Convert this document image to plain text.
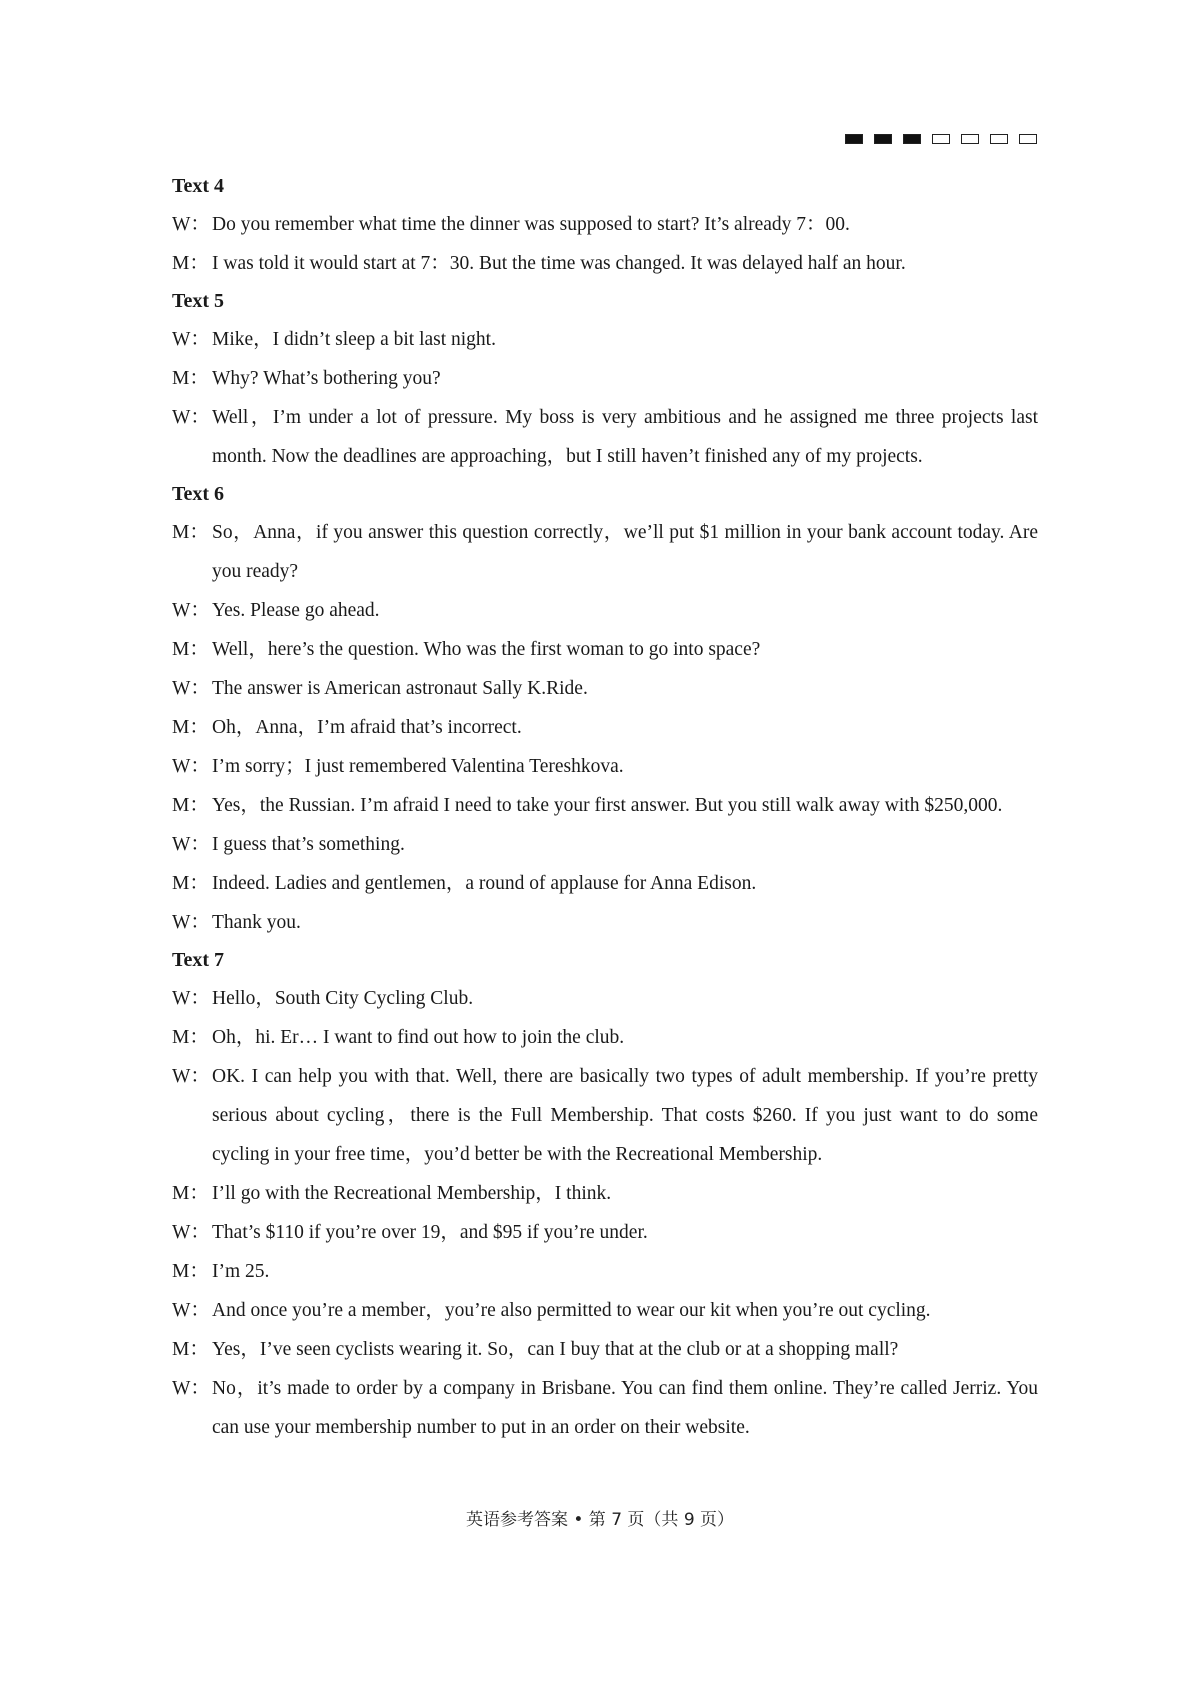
Text 4
W： Do you remember what time the dinner was supposed to start? It’s already 7：00.
M： I was told it would start at 7：30. But the time was changed. It was delayed half an hour.
Text 5
W： Mike，I didn’t sleep a bit last night.
M： Why? What’s bothering you?
W： Well，I’m under a lot of pressure. My boss is very ambitious and he assigned me three projects last month. Now the deadlines are approaching，but I still haven’t finished any of my projects.
Text 6
M： So，Anna，if you answer this question correctly，we’ll put $1 million in your bank account today. Are you ready?
W： Yes. Please go ahead.
M： Well，here’s the question. Who was the first woman to go into space?
W： The answer is American astronaut Sally K.Ride.
M： Oh，Anna，I’m afraid that’s incorrect.
W： I’m sorry；I just remembered Valentina Tereshkova.
M： Yes，the Russian. I’m afraid I need to take your first answer. But you still walk away with $250,000.
W： I guess that’s something.
M： Indeed. Ladies and gentlemen，a round of applause for Anna Edison.
W： Thank you.
Text 7
W： Hello，South City Cycling Club.
M： Oh，hi. Er… I want to find out how to join the club.
W： OK. I can help you with that. Well, there are basically two types of adult membership. If you’re pretty serious about cycling，there is the Full Membership. That costs $260. If you just want to do some cycling in your free time，you’d better be with the Recreational Membership.
M： I’ll go with the Recreational Membership，I think.
W： That’s $110 if you’re over 19，and $95 if you’re under.
M： I’m 25.
W： And once you’re a member，you’re also permitted to wear our kit when you’re out cycling.
M： Yes，I’ve seen cyclists wearing it. So，can I buy that at the club or at a shopping mall?
W： No，it’s made to order by a company in Brisbane. You can find them online. They’re called Jerriz. You can use your membership number to put in an order on their website.
英语参考答案 • 第 7 页（共 9 页）
